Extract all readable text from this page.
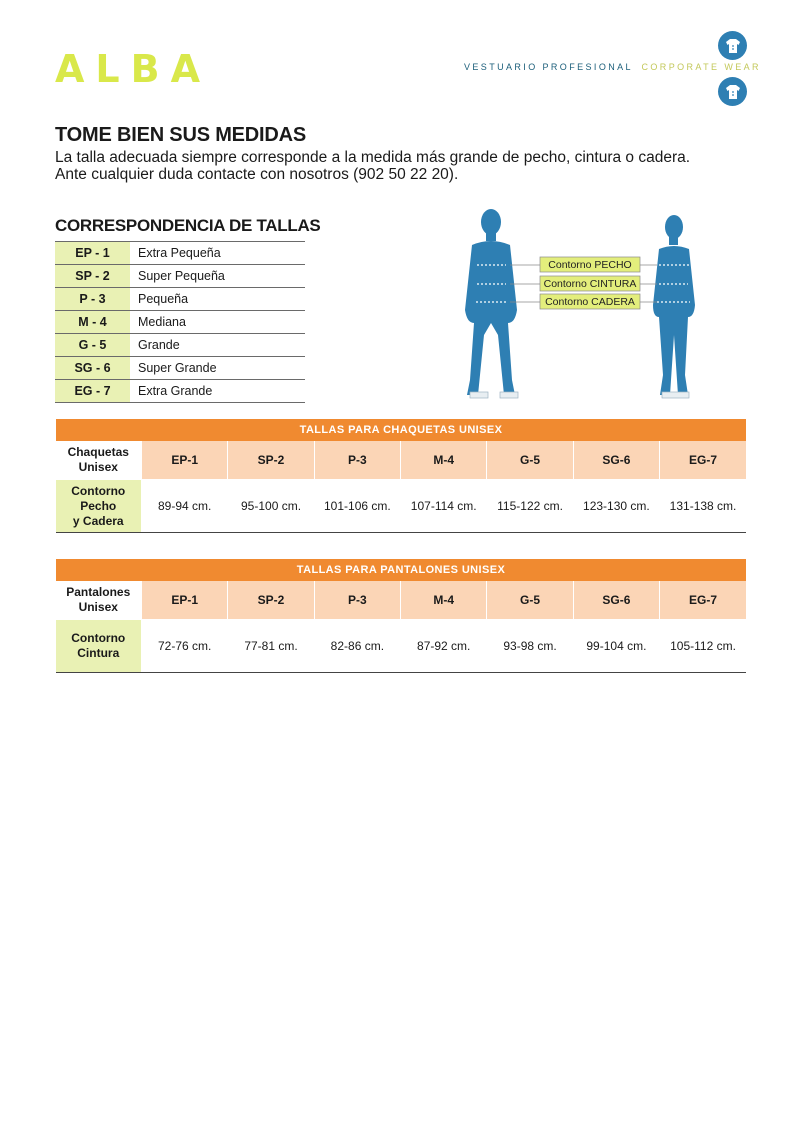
ALBA	VESTUARIO PROFESIONAL CORPORATE WEAR
TOME BIEN SUS MEDIDAS

La talla adecuada siempre corresponde a la medida más grande de pecho, cintura o cadera.
Ante cualquier duda contacte con nosotros (902 50 22 20).

CORRESPONDENCIA DE TALLAS
EP - 1	Extra Pequeña
SP - 2	Super Pequeña
P - 3	Pequeña
M - 4	Mediana
G - 5	Grande
SG - 6	Super Grande
EG - 7	Extra Grande
Contorno PECHO
Contorno CINTURA
Contorno CADERA
TALLAS PARA CHAQUETAS UNISEX							
Chaquetas
Unisex	EP-1	SP-2	P-3	M-4	G-5	SG-6	EG-7
Contorno
Pecho
y Cadera	89-94 cm.	95-100 cm.	101-106 cm.	107-114 cm.	115-122 cm.	123-130 cm.	131-138 cm.
TALLAS PARA PANTALONES UNISEX							
Pantalones
Unisex	EP-1	SP-2	P-3	M-4	G-5	SG-6	EG-7
Contorno
Cintura	72-76 cm.	77-81 cm.	82-86 cm.	87-92 cm.	93-98 cm.	99-104 cm.	105-112 cm.
